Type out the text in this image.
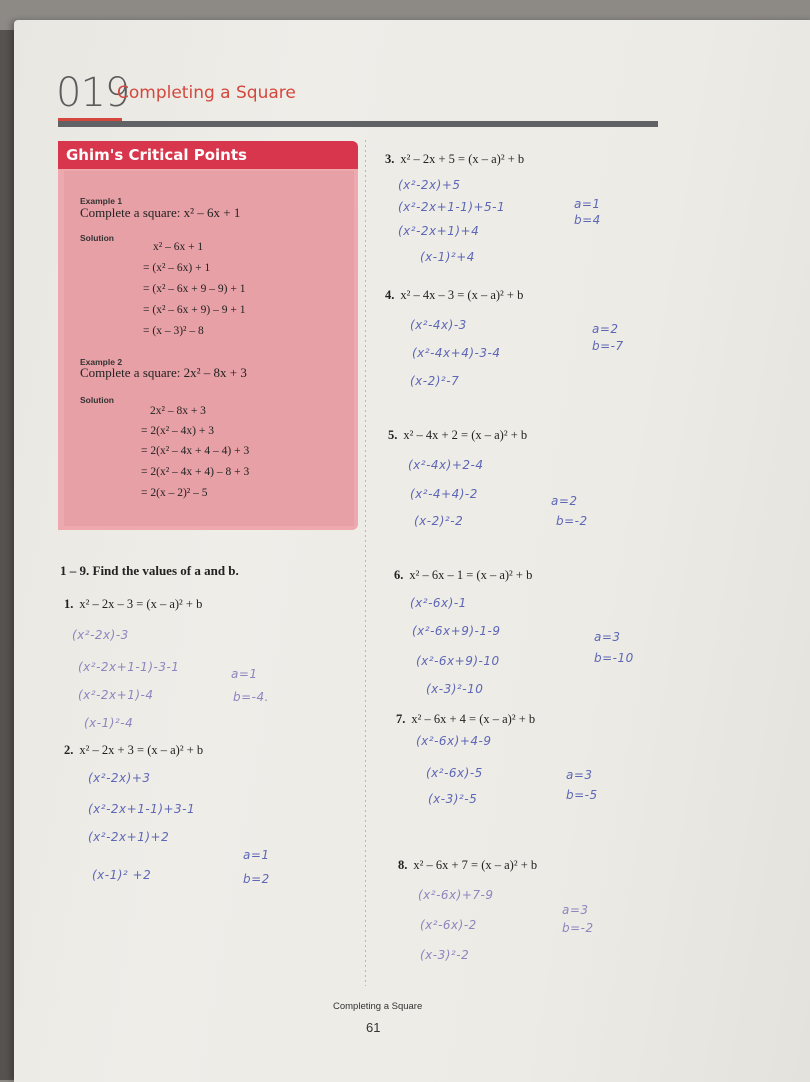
019
Completing a Square
Ghim's Critical Points
Example 1
Complete a square: x² – 6x + 1
Solution
x² – 6x + 1
= (x² – 6x) + 1
= (x² – 6x + 9 – 9) + 1
= (x² – 6x + 9) – 9 + 1
= (x – 3)² – 8
Example 2
Complete a square: 2x² – 8x + 3
Solution
2x² – 8x + 3
= 2(x² – 4x) + 3
= 2(x² – 4x + 4 – 4) + 3
= 2(x² – 4x + 4) – 8 + 3
= 2(x – 2)² – 5
1 – 9. Find the values of a and b.
1. x² – 2x – 3 = (x – a)² + b
(x²-2x)-3
(x²-2x+1-1)-3-1
(x²-2x+1)-4
(x-1)²-4
a=1
b=-4.
2. x² – 2x + 3 = (x – a)² + b
(x²-2x)+3
(x²-2x+1-1)+3-1
(x²-2x+1)+2
(x-1)² +2
a=1
b=2
3. x² – 2x + 5 = (x – a)² + b
(x²-2x)+5
(x²-2x+1-1)+5-1
(x²-2x+1)+4
(x-1)²+4
a=1
b=4
4. x² – 4x – 3 = (x – a)² + b
(x²-4x)-3
(x²-4x+4)-3-4
(x-2)²-7
a=2
b=-7
5. x² – 4x + 2 = (x – a)² + b
(x²-4x)+2-4
(x²-4+4)-2
(x-2)²-2
a=2
b=-2
6. x² – 6x – 1 = (x – a)² + b
(x²-6x)-1
(x²-6x+9)-1-9
(x²-6x+9)-10
(x-3)²-10
a=3
b=-10
7. x² – 6x + 4 = (x – a)² + b
(x²-6x)+4-9
(x²-6x)-5
(x-3)²-5
a=3
b=-5
8. x² – 6x + 7 = (x – a)² + b
(x²-6x)+7-9
(x²-6x)-2
(x-3)²-2
a=3
b=-2
Completing a Square
61
